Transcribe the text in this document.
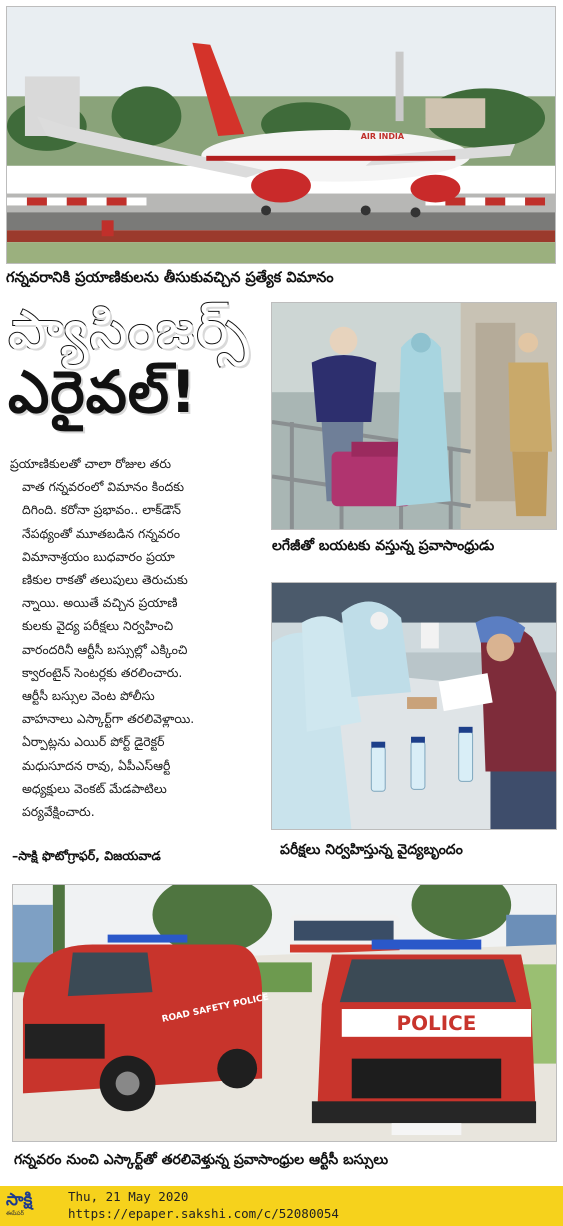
AIR INDIA
గన్నవరానికి ప్రయాణికులను తీసుకువచ్చిన ప్రత్యేక విమానం
ప్యాసింజర్స్
ఎరైవల్‌!
లగేజీతో బయటకు వస్తున్న ప్రవాసాంధ్రుడు
ప్రయాణికులతో చాలా రోజుల తరు
వాత గన్నవరంలో విమానం కిందకు
దిగింది. కరోనా ప్రభావం.. లాక్‌డౌన్‌
నేపథ్యంతో మూతబడిన గన్నవరం
విమానాశ్రయం బుధవారం ప్రయా
ణికుల రాకతో తలుపులు తెరుచుకు
న్నాయి. అయితే వచ్చిన ప్రయాణి
కులకు వైద్య పరీక్షలు నిర్వహించి
వారందరినీ ఆర్టీసీ బస్సుల్లో ఎక్కించి
క్వారంటైన్‌ సెంటర్లకు తరలించారు.
ఆర్టీసీ బస్సుల వెంట పోలీసు
వాహనాలు ఎస్కార్ట్‌గా తరలివెళ్లాయి.
ఏర్పాట్లను ఎయిర్‌ పోర్ట్‌ డైరెక్టర్‌
మధుసూదన రావు, ఏపీఎస్‌ఆర్టీ
అధ్యక్షులు వెంకట్‌ మేడపాటిలు
పర్యవేక్షించారు.
–సాక్షి ఫొటోగ్రాఫర్, విజయవాడ	పరీక్షలు నిర్వహిస్తున్న వైద్యబృందం
ROAD SAFETY POLICE	POLICE
గన్నవరం నుంచి ఎస్కార్ట్‌తో తరలివెళ్తున్న ప్రవాసాంధ్రుల ఆర్టీసీ బస్సులు
సాక్షి
ఈపేపర్
Thu, 21 May 2020
https://epaper.sakshi.com/c/52080054
